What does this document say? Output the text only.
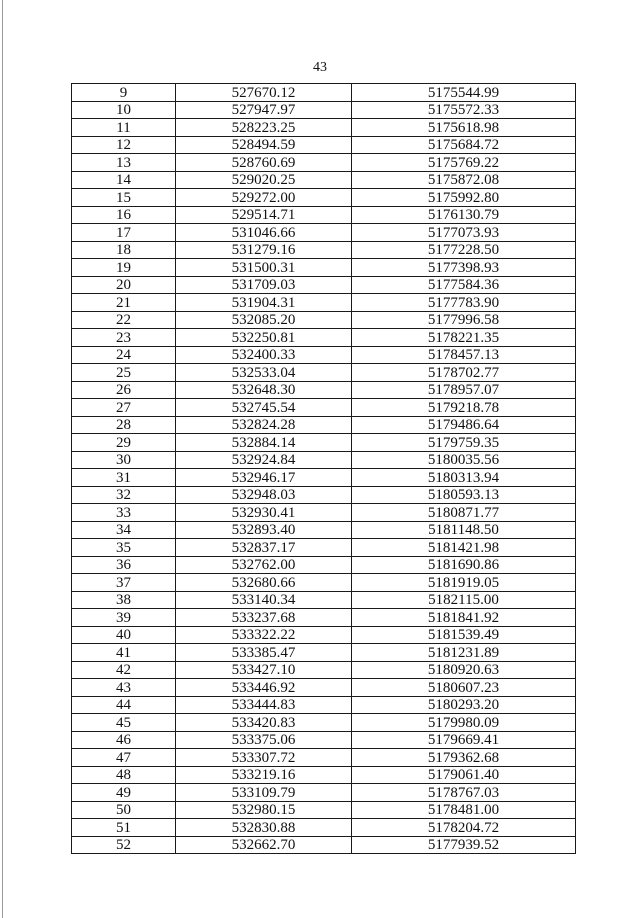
43
9	527670.12	5175544.99
10	527947.97	5175572.33
11	528223.25	5175618.98
12	528494.59	5175684.72
13	528760.69	5175769.22
14	529020.25	5175872.08
15	529272.00	5175992.80
16	529514.71	5176130.79
17	531046.66	5177073.93
18	531279.16	5177228.50
19	531500.31	5177398.93
20	531709.03	5177584.36
21	531904.31	5177783.90
22	532085.20	5177996.58
23	532250.81	5178221.35
24	532400.33	5178457.13
25	532533.04	5178702.77
26	532648.30	5178957.07
27	532745.54	5179218.78
28	532824.28	5179486.64
29	532884.14	5179759.35
30	532924.84	5180035.56
31	532946.17	5180313.94
32	532948.03	5180593.13
33	532930.41	5180871.77
34	532893.40	5181148.50
35	532837.17	5181421.98
36	532762.00	5181690.86
37	532680.66	5181919.05
38	533140.34	5182115.00
39	533237.68	5181841.92
40	533322.22	5181539.49
41	533385.47	5181231.89
42	533427.10	5180920.63
43	533446.92	5180607.23
44	533444.83	5180293.20
45	533420.83	5179980.09
46	533375.06	5179669.41
47	533307.72	5179362.68
48	533219.16	5179061.40
49	533109.79	5178767.03
50	532980.15	5178481.00
51	532830.88	5178204.72
52	532662.70	5177939.52
